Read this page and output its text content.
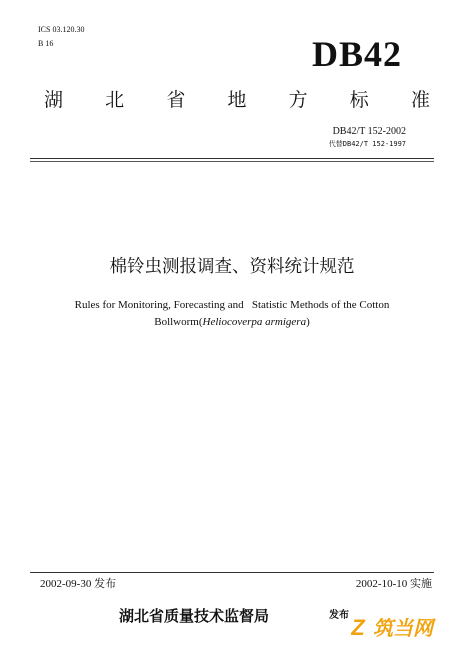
ICS 03.120.30
B 16	DB42
湖 北 省 地 方 标 准
DB42/T 152-2002
代替DB42/T 152-1997
棉铃虫测报调查、资料统计规范
Rules for Monitoring, Forecasting and   Statistic Methods of the Cotton
Bollworm(Heliocoverpa armigera)
2002-09-30 发布	2002-10-10 实施
湖北省质量技术监督局	发布 Z 筑当网
